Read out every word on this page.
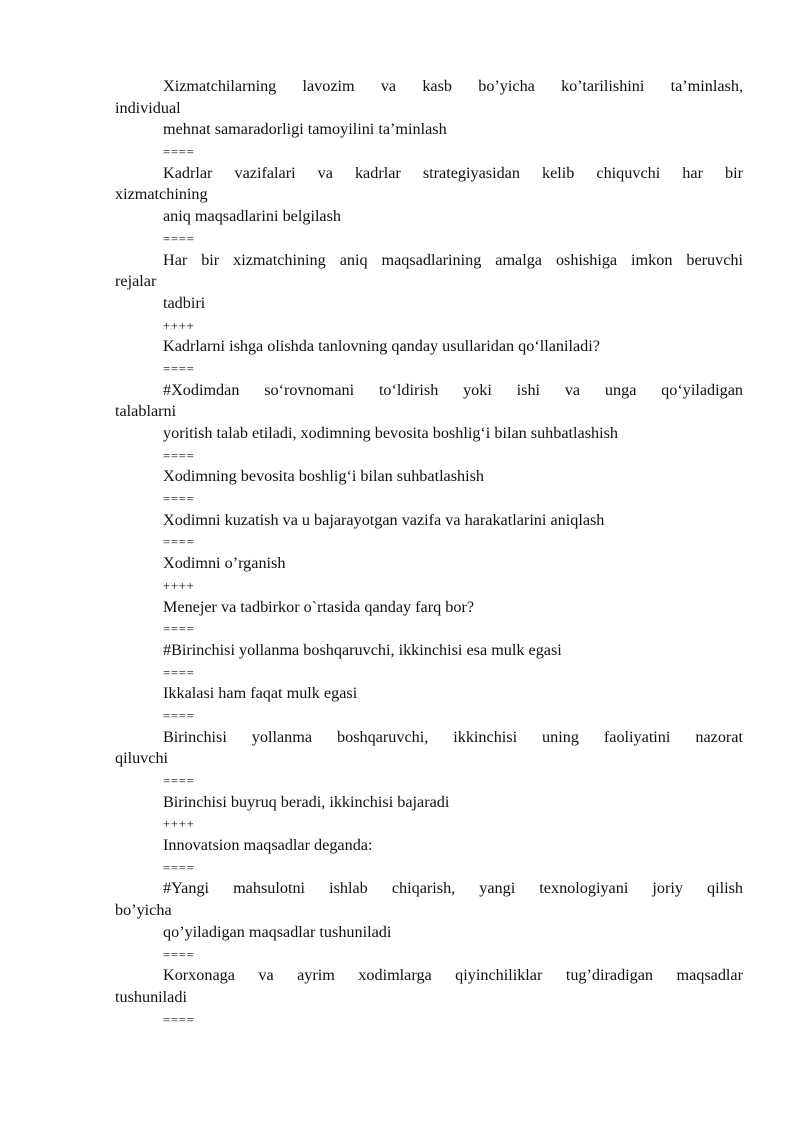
Xizmatchilarning lavozim va kasb bo’yicha ko’tarilishini ta’minlash,
individual
mehnat samaradorligi tamoyilini ta’minlash
====
Kadrlar vazifalari va kadrlar strategiyasidan kelib chiquvchi har bir
xizmatchining
aniq maqsadlarini belgilash
====
Har bir xizmatchining aniq maqsadlarining amalga oshishiga imkon beruvchi
rejalar
tadbiri
++++
Kadrlarni ishga olishda tanlovning qanday usullaridan qo‘llaniladi?
====
#Xodimdan so‘rovnomani to‘ldirish yoki ishi va unga qo‘yiladigan
talablarni
yoritish talab etiladi, xodimning bevosita boshlig‘i bilan suhbatlashish
====
Xodimning bevosita boshlig‘i bilan suhbatlashish
====
Xodimni kuzatish va u bajarayotgan vazifa va harakatlarini aniqlash
====
Xodimni o’rganish
++++
Menejer va tadbirkor o`rtasida qanday farq bor?
====
#Birinchisi yollanma boshqaruvchi, ikkinchisi esa mulk egasi
====
Ikkalasi ham faqat mulk egasi
====
Birinchisi yollanma boshqaruvchi, ikkinchisi uning faoliyatini nazorat
qiluvchi
====
Birinchisi buyruq beradi, ikkinchisi bajaradi
++++
Innovatsion maqsadlar deganda:
====
#Yangi mahsulotni ishlab chiqarish, yangi texnologiyani joriy qilish
bo’yicha
qo’yiladigan maqsadlar tushuniladi
====
Korxonaga va ayrim xodimlarga qiyinchiliklar tug’diradigan maqsadlar
tushuniladi
====
